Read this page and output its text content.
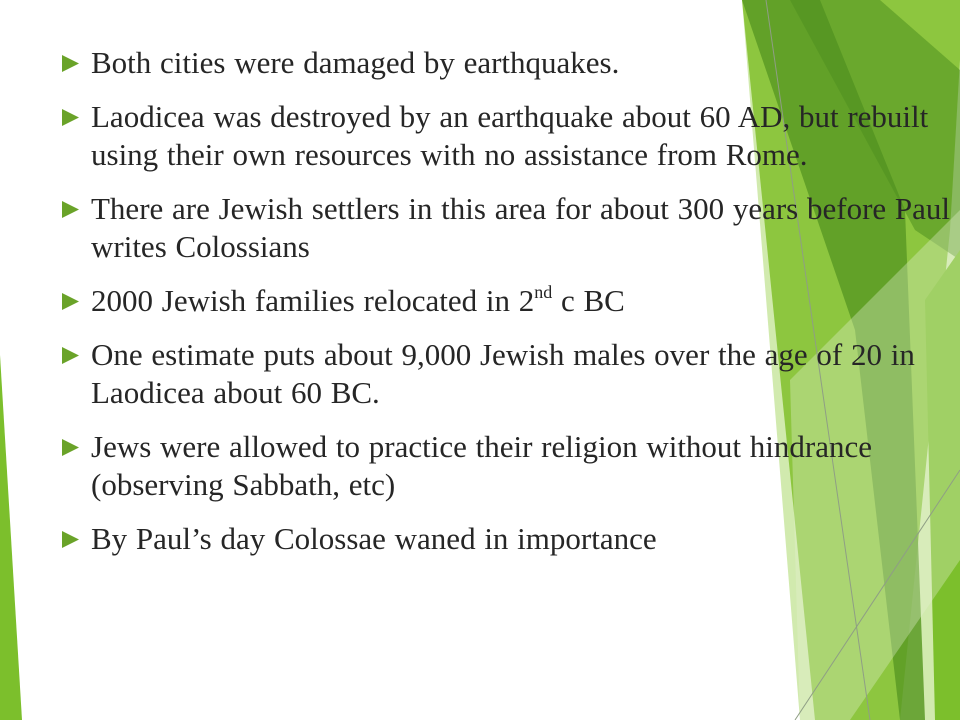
Both cities were damaged by earthquakes.
Laodicea was destroyed by an earthquake about 60 AD, but rebuilt using their own resources with no assistance from Rome.
There are Jewish settlers in this area for about 300 years before Paul writes Colossians
2000 Jewish families relocated in 2nd c BC
One estimate puts about 9,000 Jewish males over the age of 20 in Laodicea about 60 BC.
Jews were allowed to practice their religion without hindrance (observing Sabbath, etc)
By Paul’s day Colossae waned in importance
